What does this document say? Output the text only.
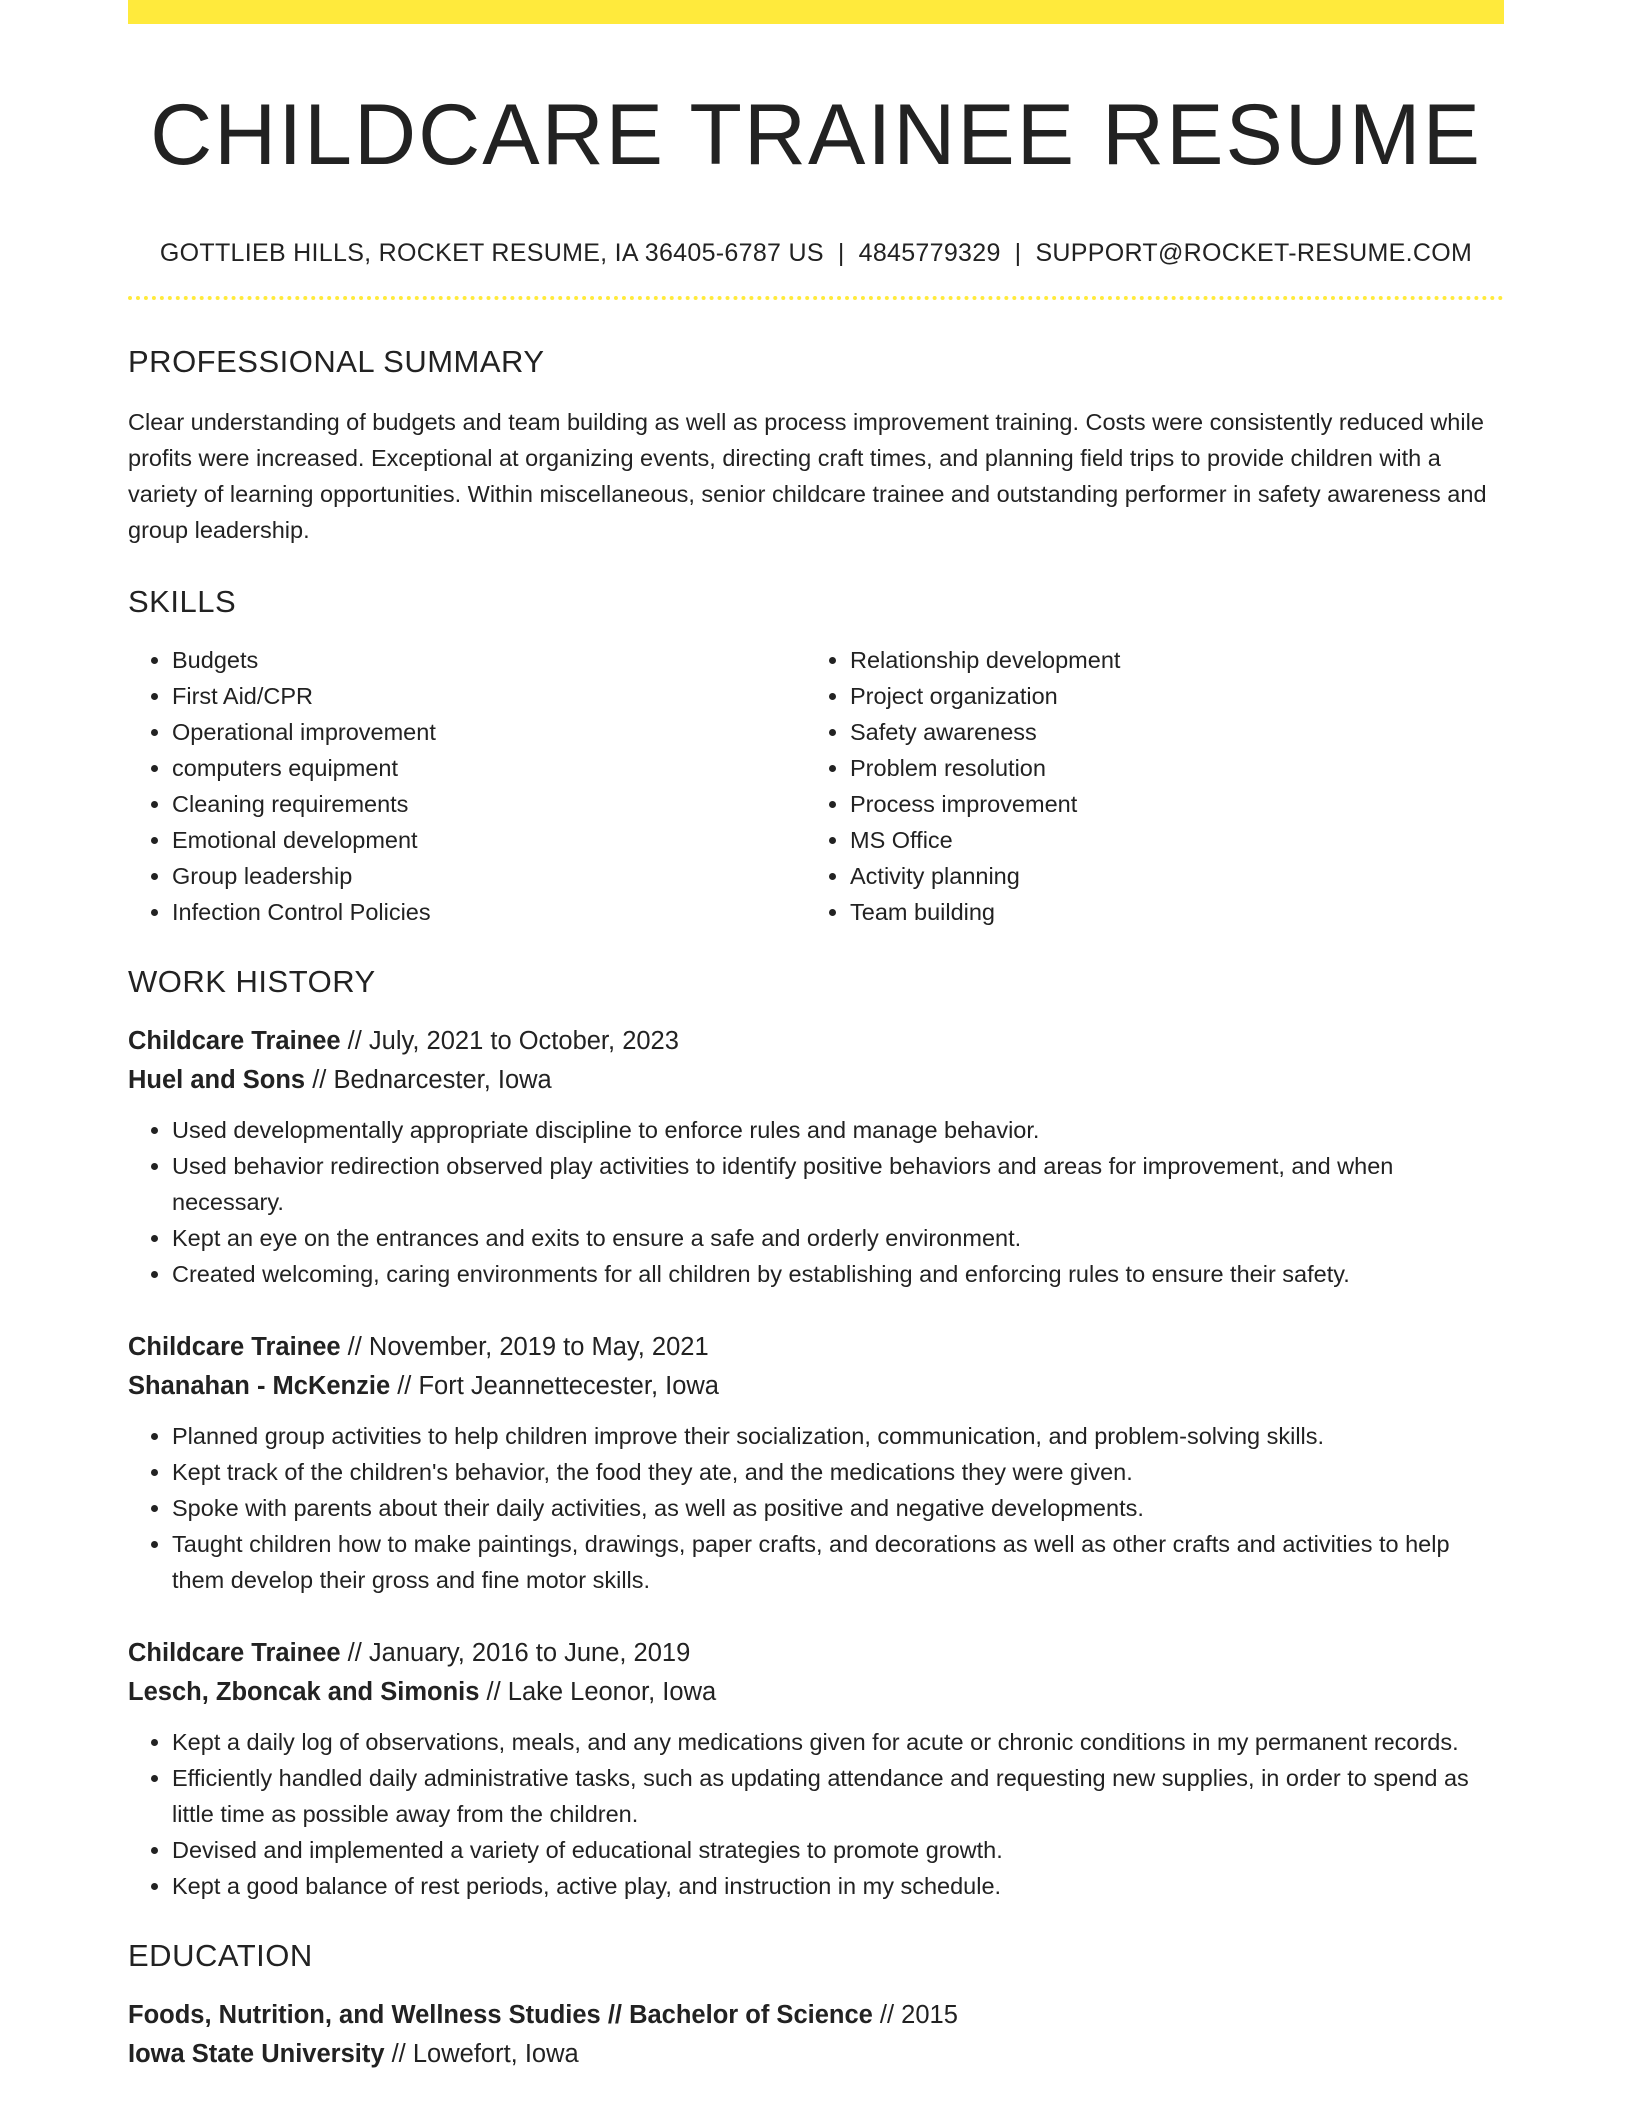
CHILDCARE TRAINEE RESUME
GOTTLIEB HILLS, ROCKET RESUME, IA 36405-6787 US | 4845779329 | SUPPORT@ROCKET-RESUME.COM
PROFESSIONAL SUMMARY

Clear understanding of budgets and team building as well as process improvement training. Costs were consistently reduced while profits were increased. Exceptional at organizing events, directing craft times, and planning field trips to provide children with a variety of learning opportunities. Within miscellaneous, senior childcare trainee and outstanding performer in safety awareness and group leadership.

SKILLS
• Budgets
• First Aid/CPR
• Operational improvement
• computers equipment
• Cleaning requirements
• Emotional development
• Group leadership
• Infection Control Policies
• Relationship development
• Project organization
• Safety awareness
• Problem resolution
• Process improvement
• MS Office
• Activity planning
• Team building
WORK HISTORY
Childcare Trainee // July, 2021 to October, 2023
Huel and Sons // Bednarcester, Iowa
• Used developmentally appropriate discipline to enforce rules and manage behavior.
• Used behavior redirection observed play activities to identify positive behaviors and areas for improvement, and when necessary.
• Kept an eye on the entrances and exits to ensure a safe and orderly environment.
• Created welcoming, caring environments for all children by establishing and enforcing rules to ensure their safety.
Childcare Trainee // November, 2019 to May, 2021
Shanahan - McKenzie // Fort Jeannettecester, Iowa
• Planned group activities to help children improve their socialization, communication, and problem-solving skills.
• Kept track of the children's behavior, the food they ate, and the medications they were given.
• Spoke with parents about their daily activities, as well as positive and negative developments.
• Taught children how to make paintings, drawings, paper crafts, and decorations as well as other crafts and activities to help them develop their gross and fine motor skills.
Childcare Trainee // January, 2016 to June, 2019
Lesch, Zboncak and Simonis // Lake Leonor, Iowa
• Kept a daily log of observations, meals, and any medications given for acute or chronic conditions in my permanent records.
• Efficiently handled daily administrative tasks, such as updating attendance and requesting new supplies, in order to spend as little time as possible away from the children.
• Devised and implemented a variety of educational strategies to promote growth.
• Kept a good balance of rest periods, active play, and instruction in my schedule.
EDUCATION
Foods, Nutrition, and Wellness Studies // Bachelor of Science // 2015
Iowa State University // Lowefort, Iowa
